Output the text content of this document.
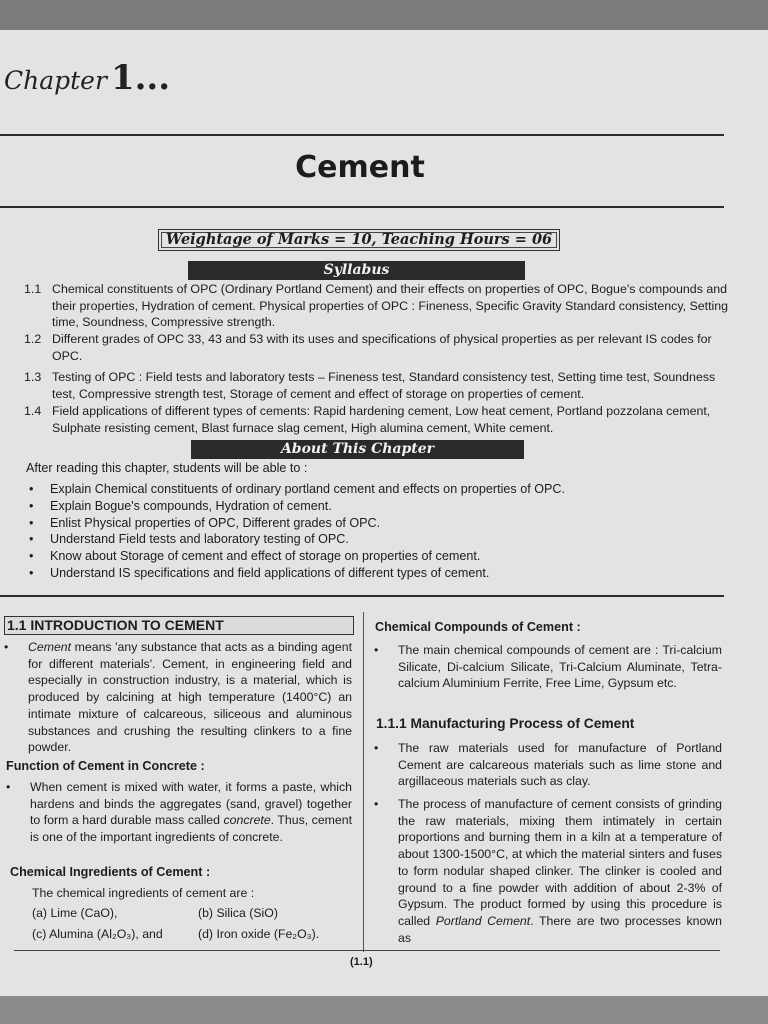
Chapter 1...
Cement
Weightage of Marks = 10, Teaching Hours = 06
Syllabus
1.1 Chemical constituents of OPC (Ordinary Portland Cement) and their effects on properties of OPC, Bogue's compounds and their properties, Hydration of cement. Physical properties of OPC : Fineness, Specific Gravity Standard consistency, Setting time, Soundness, Compressive strength.
1.2 Different grades of OPC 33, 43 and 53 with its uses and specifications of physical properties as per relevant IS codes for OPC.
1.3 Testing of OPC : Field tests and laboratory tests – Fineness test, Standard consistency test, Setting time test, Soundness test, Compressive strength test, Storage of cement and effect of storage on properties of cement.
1.4 Field applications of different types of cements: Rapid hardening cement, Low heat cement, Portland pozzolana cement, Sulphate resisting cement, Blast furnace slag cement, High alumina cement, White cement.
About This Chapter
After reading this chapter, students will be able to :
• Explain Chemical constituents of ordinary portland cement and effects on properties of OPC.
• Explain Bogue's compounds, Hydration of cement.
• Enlist Physical properties of OPC, Different grades of OPC.
• Understand Field tests and laboratory testing of OPC.
• Know about Storage of cement and effect of storage on properties of cement.
• Understand IS specifications and field applications of different types of cement.
1.1 INTRODUCTION TO CEMENT
• Cement means 'any substance that acts as a binding agent for different materials'. Cement, in engineering field and especially in construction industry, is a material, which is produced by calcining at high temperature (1400°C) an intimate mixture of calcareous, siliceous and aluminous substances and crushing the resulting clinkers to a fine powder.
Function of Cement in Concrete :
• When cement is mixed with water, it forms a paste, which hardens and binds the aggregates (sand, gravel) together to form a hard durable mass called concrete. Thus, cement is one of the important ingredients of concrete.
Chemical Ingredients of Cement :
The chemical ingredients of cement are :
(a) Lime (CaO),	(b) Silica (SiO)
(c) Alumina (Al₂O₃), and	(d) Iron oxide (Fe₂O₃).
Chemical Compounds of Cement :
• The main chemical compounds of cement are : Tri-calcium Silicate, Di-calcium Silicate, Tri-Calcium Aluminate, Tetra-calcium Aluminium Ferrite, Free Lime, Gypsum etc.
1.1.1 Manufacturing Process of Cement
• The raw materials used for manufacture of Portland Cement are calcareous materials such as lime stone and argillaceous materials such as clay.
• The process of manufacture of cement consists of grinding the raw materials, mixing them intimately in certain proportions and burning them in a kiln at a temperature of about 1300-1500°C, at which the material sinters and fuses to form nodular shaped clinker. The clinker is cooled and ground to a fine powder with addition of about 2-3% of Gypsum. The product formed by using this procedure is called Portland Cement. There are two processes known as
(1.1)
